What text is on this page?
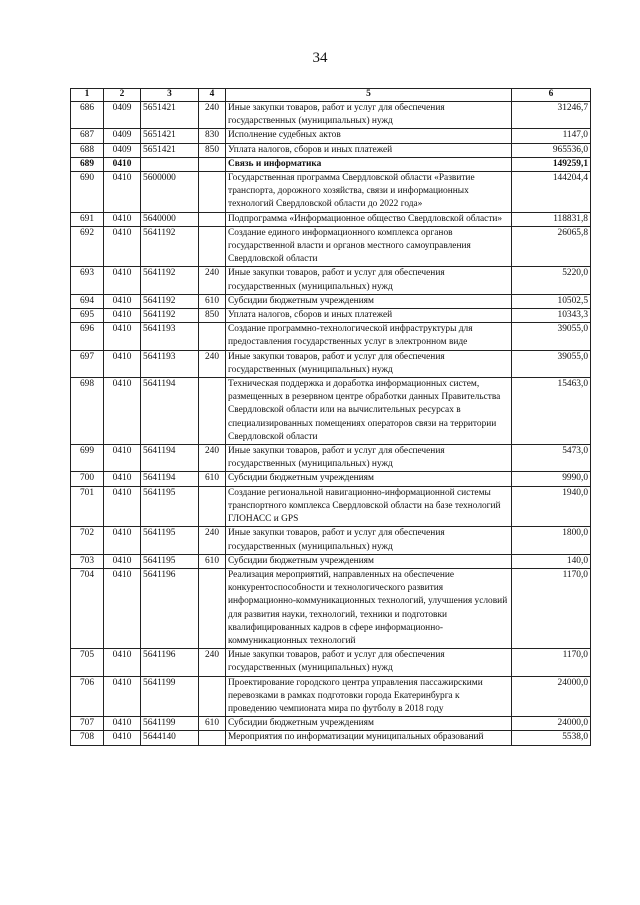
34
1	2	3	4	5	6
686	0409	5651421	240	Иные закупки товаров, работ и услуг для обеспечения государственных (муниципальных) нужд	31246,7
687	0409	5651421	830	Исполнение судебных актов	1147,0
688	0409	5651421	850	Уплата налогов, сборов и иных платежей	965536,0
689	0410			Связь и информатика	149259,1
690	0410	5600000		Государственная программа Свердловской области «Развитие транспорта, дорожного хозяйства, связи и информационных технологий Свердловской области до 2022 года»	144204,4
691	0410	5640000		Подпрограмма «Информационное общество Свердловской области»	118831,8
692	0410	5641192		Создание единого информационного комплекса органов государственной власти и органов местного самоуправления Свердловской области	26065,8
693	0410	5641192	240	Иные закупки товаров, работ и услуг для обеспечения государственных (муниципальных) нужд	5220,0
694	0410	5641192	610	Субсидии бюджетным учреждениям	10502,5
695	0410	5641192	850	Уплата налогов, сборов и иных платежей	10343,3
696	0410	5641193		Создание программно-технологической инфраструктуры для предоставления государственных услуг в электронном виде	39055,0
697	0410	5641193	240	Иные закупки товаров, работ и услуг для обеспечения государственных (муниципальных) нужд	39055,0
698	0410	5641194		Техническая поддержка и доработка информационных систем, размещенных в резервном центре обработки данных Правительства Свердловской области или на вычислительных ресурсах в специализированных помещениях операторов связи на территории Свердловской области	15463,0
699	0410	5641194	240	Иные закупки товаров, работ и услуг для обеспечения государственных (муниципальных) нужд	5473,0
700	0410	5641194	610	Субсидии бюджетным учреждениям	9990,0
701	0410	5641195		Создание региональной навигационно-информационной системы транспортного комплекса Свердловской области на базе технологий ГЛОНАСС и GPS	1940,0
702	0410	5641195	240	Иные закупки товаров, работ и услуг для обеспечения государственных (муниципальных) нужд	1800,0
703	0410	5641195	610	Субсидии бюджетным учреждениям	140,0
704	0410	5641196		Реализация мероприятий, направленных на обеспечение конкурентоспособности и технологического развития информационно-коммуникационных технологий, улучшения условий для развития науки, технологий, техники и подготовки квалифицированных кадров в сфере информационно-коммуникационных технологий	1170,0
705	0410	5641196	240	Иные закупки товаров, работ и услуг для обеспечения государственных (муниципальных) нужд	1170,0
706	0410	5641199		Проектирование городского центра управления пассажирскими перевозками в рамках подготовки города Екатеринбурга к проведению чемпионата мира по футболу в 2018 году	24000,0
707	0410	5641199	610	Субсидии бюджетным учреждениям	24000,0
708	0410	5644140		Мероприятия по информатизации муниципальных образований	5538,0
